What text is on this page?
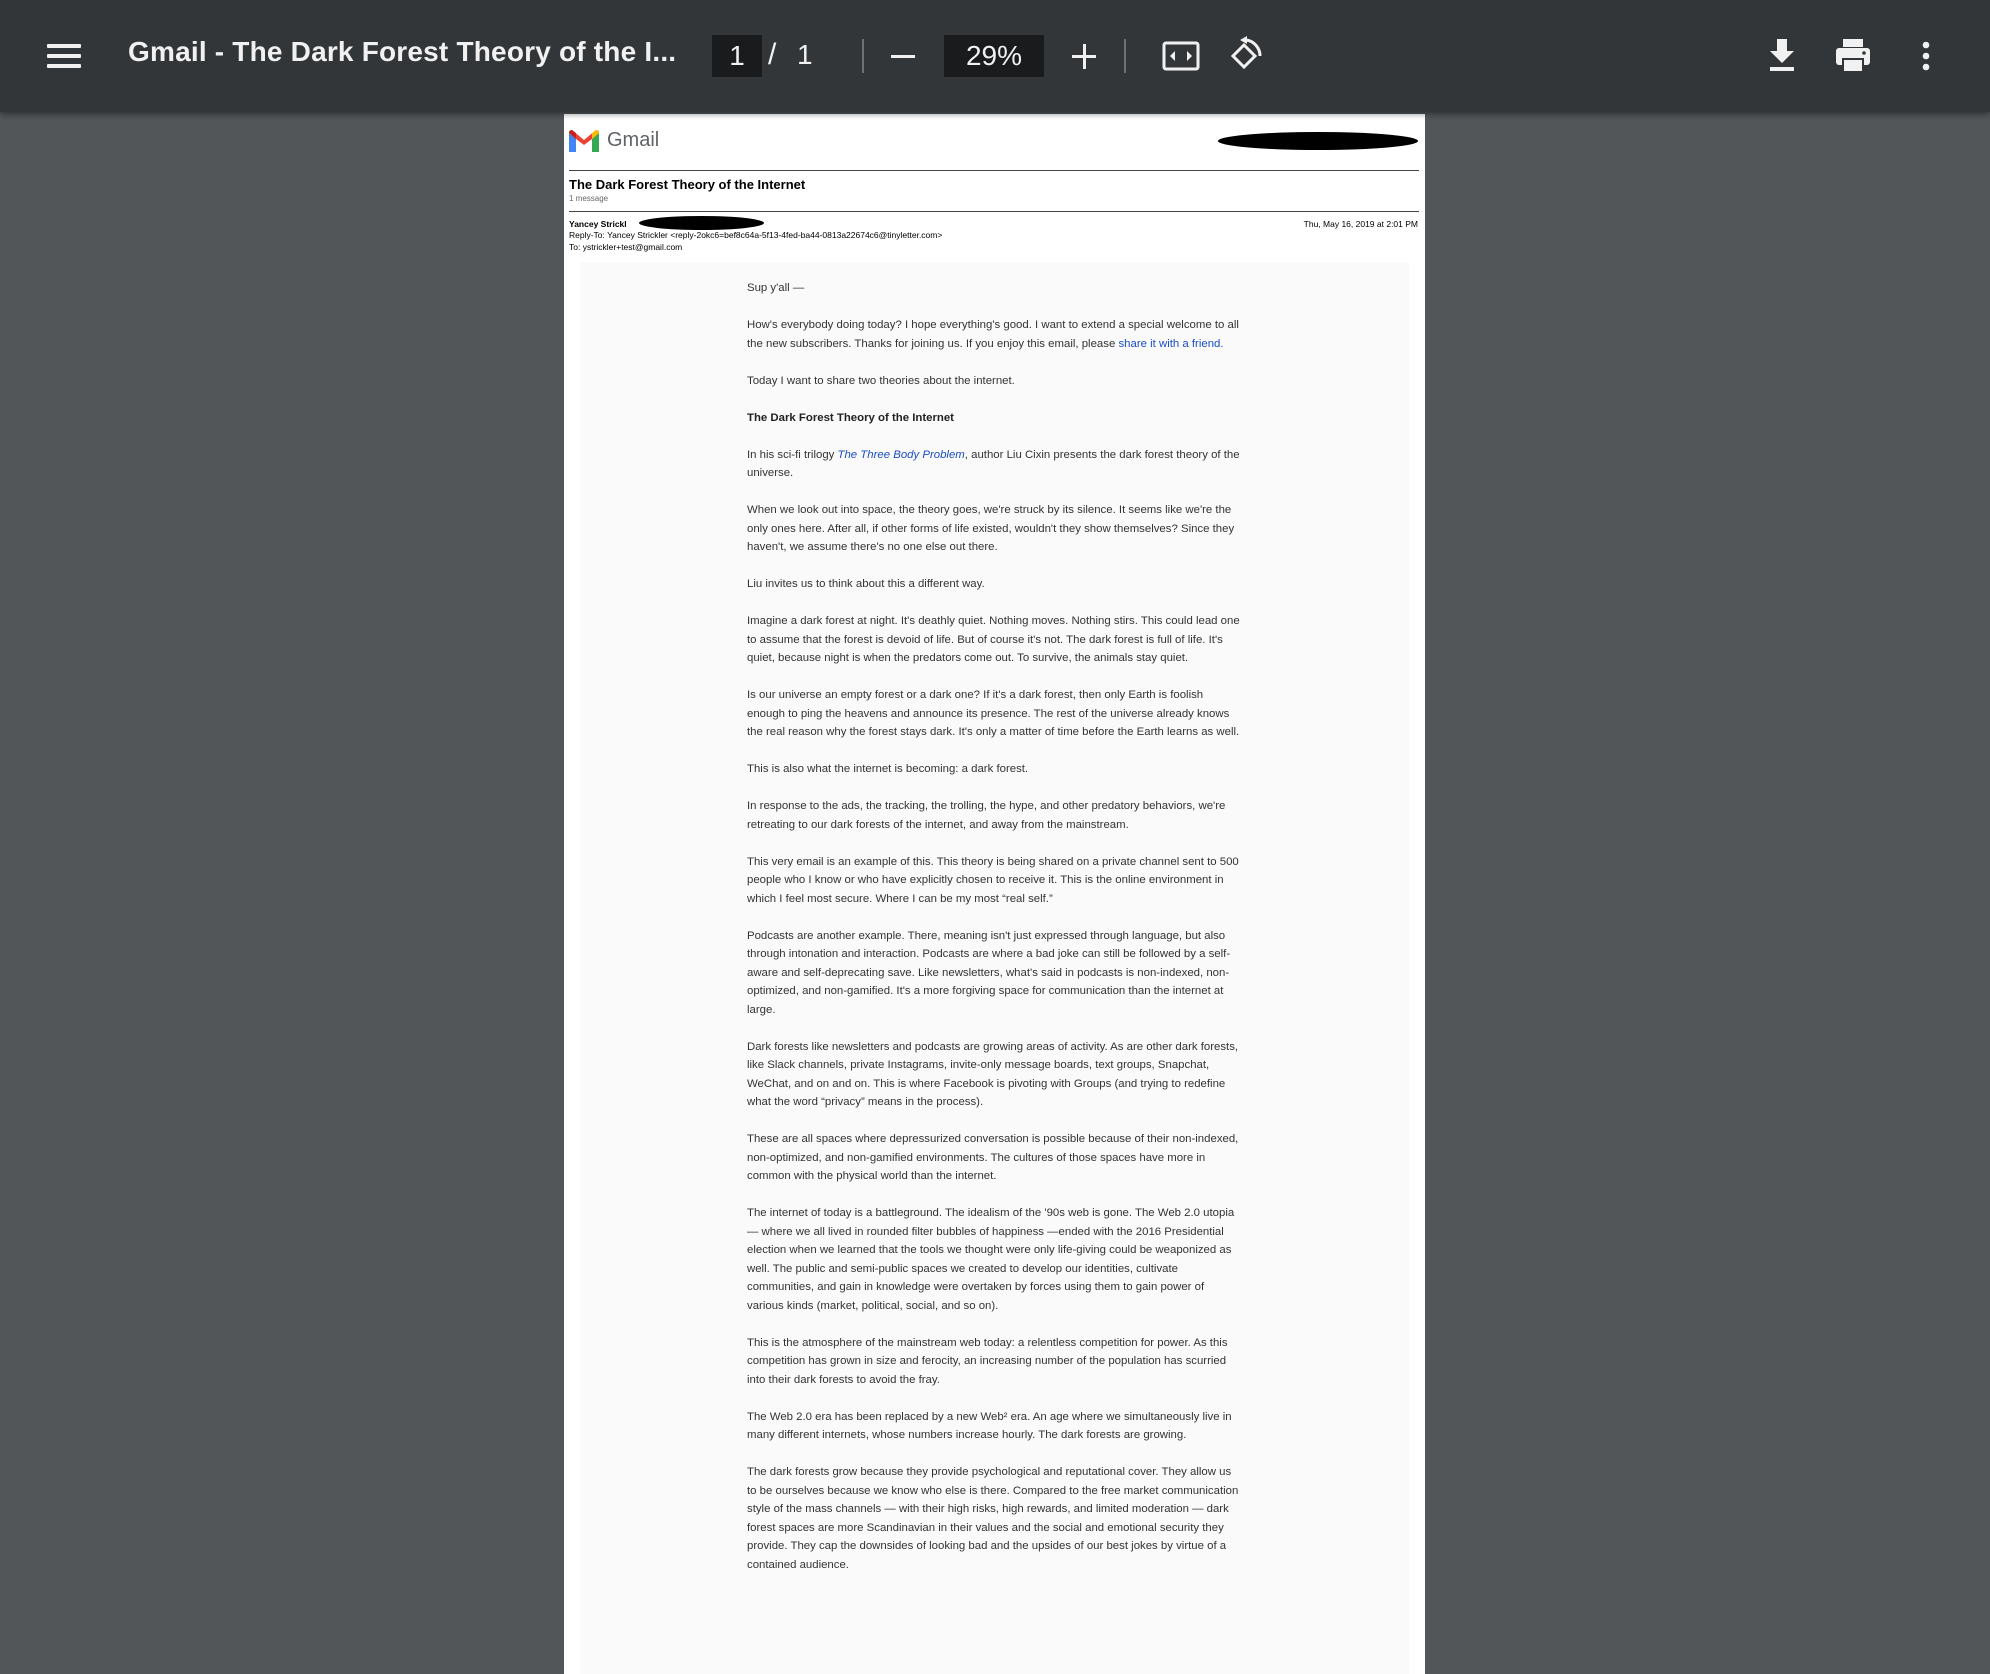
Gmail - The Dark Forest Theory of the I...	1 / 1	29%
Gmail
The Dark Forest Theory of the Internet
1 message
Yancey Strickl
Reply-To: Yancey Strickler <reply-2okc6=bef8c64a-5f13-4fed-ba44-0813a22674c6@tinyletter.com>
To: ystrickler+test@gmail.com
Thu, May 16, 2019 at 2:01 PM

Sup y'all —

How's everybody doing today? I hope everything's good. I want to extend a special welcome to all the new subscribers. Thanks for joining us. If you enjoy this email, please share it with a friend.

Today I want to share two theories about the internet.

The Dark Forest Theory of the Internet

In his sci-fi trilogy The Three Body Problem, author Liu Cixin presents the dark forest theory of the universe.

When we look out into space, the theory goes, we're struck by its silence. It seems like we're the only ones here. After all, if other forms of life existed, wouldn't they show themselves? Since they haven't, we assume there's no one else out there.

Liu invites us to think about this a different way.

Imagine a dark forest at night. It's deathly quiet. Nothing moves. Nothing stirs. This could lead one to assume that the forest is devoid of life. But of course it's not. The dark forest is full of life. It's quiet, because night is when the predators come out. To survive, the animals stay quiet.

Is our universe an empty forest or a dark one? If it's a dark forest, then only Earth is foolish enough to ping the heavens and announce its presence. The rest of the universe already knows the real reason why the forest stays dark. It's only a matter of time before the Earth learns as well.

This is also what the internet is becoming: a dark forest.

In response to the ads, the tracking, the trolling, the hype, and other predatory behaviors, we're retreating to our dark forests of the internet, and away from the mainstream.

This very email is an example of this. This theory is being shared on a private channel sent to 500 people who I know or who have explicitly chosen to receive it. This is the online environment in which I feel most secure. Where I can be my most “real self.”

Podcasts are another example. There, meaning isn't just expressed through language, but also through intonation and interaction. Podcasts are where a bad joke can still be followed by a self-aware and self-deprecating save. Like newsletters, what's said in podcasts is non-indexed, non-optimized, and non-gamified. It's a more forgiving space for communication than the internet at large.

Dark forests like newsletters and podcasts are growing areas of activity. As are other dark forests, like Slack channels, private Instagrams, invite-only message boards, text groups, Snapchat, WeChat, and on and on. This is where Facebook is pivoting with Groups (and trying to redefine what the word “privacy” means in the process).

These are all spaces where depressurized conversation is possible because of their non-indexed, non-optimized, and non-gamified environments. The cultures of those spaces have more in common with the physical world than the internet.

The internet of today is a battleground. The idealism of the '90s web is gone. The Web 2.0 utopia — where we all lived in rounded filter bubbles of happiness —ended with the 2016 Presidential election when we learned that the tools we thought were only life-giving could be weaponized as well. The public and semi-public spaces we created to develop our identities, cultivate communities, and gain in knowledge were overtaken by forces using them to gain power of various kinds (market, political, social, and so on).

This is the atmosphere of the mainstream web today: a relentless competition for power. As this competition has grown in size and ferocity, an increasing number of the population has scurried into their dark forests to avoid the fray.

The Web 2.0 era has been replaced by a new Web² era. An age where we simultaneously live in many different internets, whose numbers increase hourly. The dark forests are growing.

The dark forests grow because they provide psychological and reputational cover. They allow us to be ourselves because we know who else is there. Compared to the free market communication style of the mass channels — with their high risks, high rewards, and limited moderation — dark forest spaces are more Scandinavian in their values and the social and emotional security they provide. They cap the downsides of looking bad and the upsides of our best jokes by virtue of a contained audience.
